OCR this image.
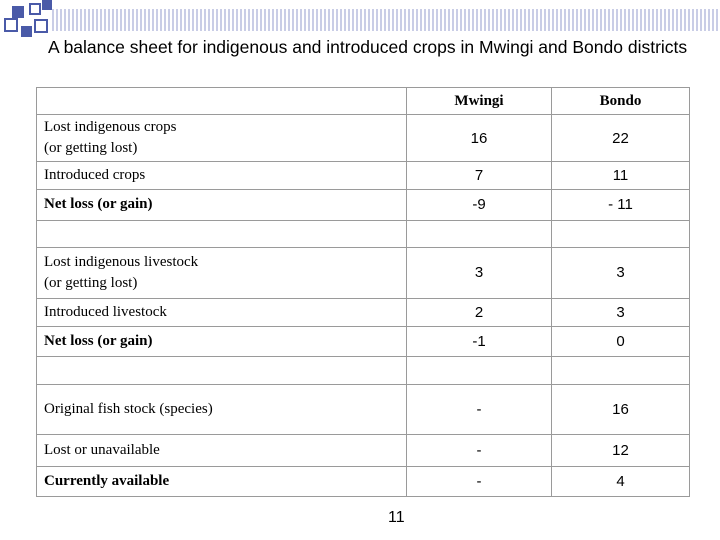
A balance sheet for indigenous and introduced crops in Mwingi and Bondo districts
	Mwingi	Bondo

Lost indigenous crops
(or getting lost)	16	22
Introduced crops	7	11
Net loss (or gain)	-9	- 11

Lost indigenous livestock
(or getting lost)	3	3
Introduced livestock	2	3
Net loss (or gain)	-1	0

Original fish stock (species)	-	16
Lost or unavailable	-	12
Currently available	-	4
11
